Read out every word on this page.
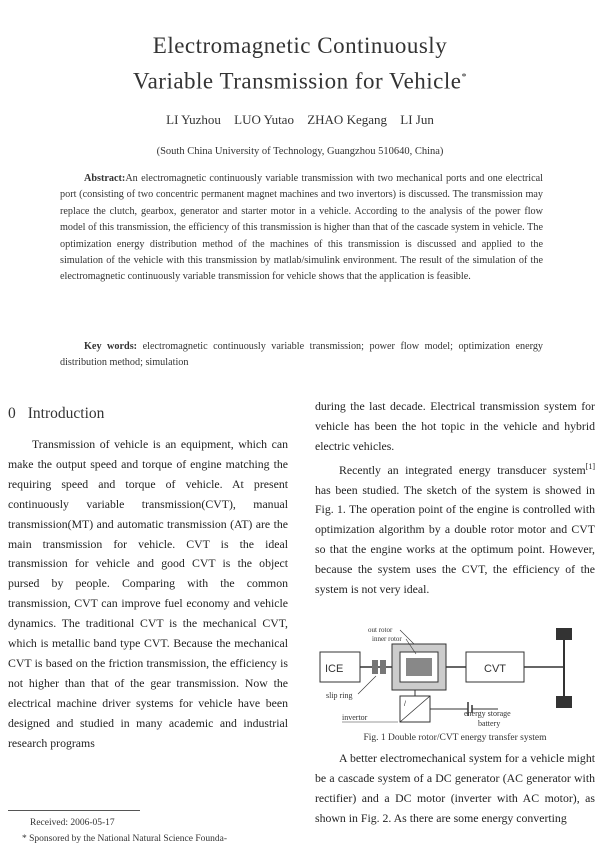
Electromagnetic Continuously
Variable Transmission for Vehicle*
LI Yuzhou LUO Yutao ZHAO Kegang LI Jun
(South China University of Technology, Guangzhou 510640, China)
Abstract:An electromagnetic continuously variable transmission with two mechanical ports and one electrical port (consisting of two concentric permanent magnet machines and two invertors) is discussed. The transmission may replace the clutch, gearbox, generator and starter motor in a vehicle. According to the analysis of the power flow model of this transmission, the efficiency of this transmission is higher than that of the cascade system in vehicle. The optimization energy distribution method of the machines of this transmission is discussed and applied to the simulation of the vehicle with this transmission by matlab/simulink environment. The result of the simulation of the electromagnetic continuously variable transmission for vehicle shows that the application is feasible.
Key words: electromagnetic continuously variable transmission; power flow model; optimization energy distribution method; simulation
0 Introduction

Transmission of vehicle is an equipment, which can make the output speed and torque of engine matching the requiring speed and torque of vehicle. At present continuously variable transmission(CVT), manual transmission(MT) and automatic transmission (AT) are the main transmission for vehicle. CVT is the ideal transmission for vehicle and good CVT is the object pursed by people. Comparing with the common transmission, CVT can improve fuel economy and vehicle dynamics. The traditional CVT is the mechanical CVT, which is metallic band type CVT. Because the mechanical CVT is based on the friction transmission, the efficiency is not higher than that of the gear transmission. Now the electrical machine driver systems for vehicle have been designed and studied in many academic and industrial research programs

during the last decade. Electrical transmission system for vehicle has been the hot topic in the vehicle and hybrid electric vehicles.

Recently an integrated energy transducer system[1] has been studied. The sketch of the system is showed in Fig. 1. The operation point of the engine is controlled with optimization algorithm by a double rotor motor and CVT so that the engine works at the optimum point. However, because the system uses the CVT, the efficiency of the system is not very ideal.

ICE	CVT
/
out rotor
inner rotor
slip ring
invertor	energy storage
battery
Fig. 1 Double rotor/CVT energy transfer system

A better electromechanical system for a vehicle might be a cascade system of a DC generator (AC generator with rectifier) and a DC motor (inverter with AC motor), as shown in Fig. 2. As there are some energy converting

Received: 2006-05-17
* Sponsored by the National Natural Science Founda-
